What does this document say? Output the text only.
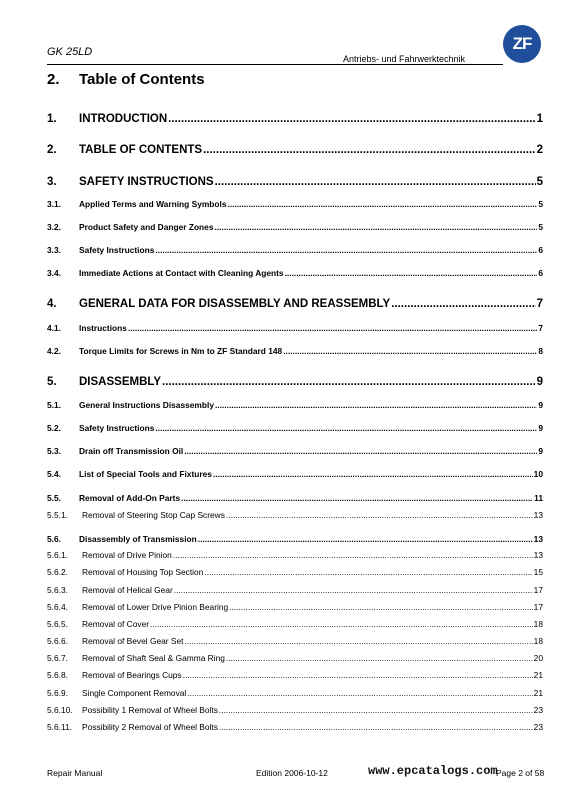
GK 25LD
Antriebs- und Fahrwerktechnik
ZF
2. Table of Contents
1.	INTRODUCTION .....	1
2.	TABLE OF CONTENTS .....	2
3.	SAFETY INSTRUCTIONS .....	5
3.1.	Applied Terms and Warning Symbols .....	5
3.2.	Product Safety and Danger Zones .....	5
3.3.	Safety Instructions .....	6
3.4.	Immediate Actions at Contact with Cleaning Agents .....	6
4.	GENERAL DATA FOR DISASSEMBLY AND REASSEMBLY .....	7
4.1.	Instructions .....	7
4.2.	Torque Limits for Screws in Nm to ZF Standard 148 .....	8
5.	DISASSEMBLY .....	9
5.1.	General Instructions Disassembly .....	9
5.2.	Safety Instructions .....	9
5.3.	Drain off Transmission Oil .....	9
5.4.	List of Special Tools and Fixtures .....	10
5.5.	Removal of Add-On Parts .....	11
5.5.1.	Removal of Steering Stop Cap Screws .....	13
5.6.	Disassembly of Transmission .....	13
5.6.1.	Removal of Drive Pinion .....	13
5.6.2.	Removal of Housing Top Section .....	15
5.6.3.	Removal of Helical Gear .....	17
5.6.4.	Removal of Lower Drive Pinion Bearing .....	17
5.6.5.	Removal of Cover .....	18
5.6.6.	Removal of Bevel Gear Set .....	18
5.6.7.	Removal of Shaft Seal & Gamma Ring .....	20
5.6.8.	Removal of Bearings Cups .....	21
5.6.9.	Single Component Removal .....	21
5.6.10.	Possibility 1 Removal of Wheel Bolts .....	23
5.6.11.	Possibility 2 Removal of Wheel Bolts .....	23
Repair Manual	Edition 2006-10-12	Page 2 of 58
www.epcatalogs.com
